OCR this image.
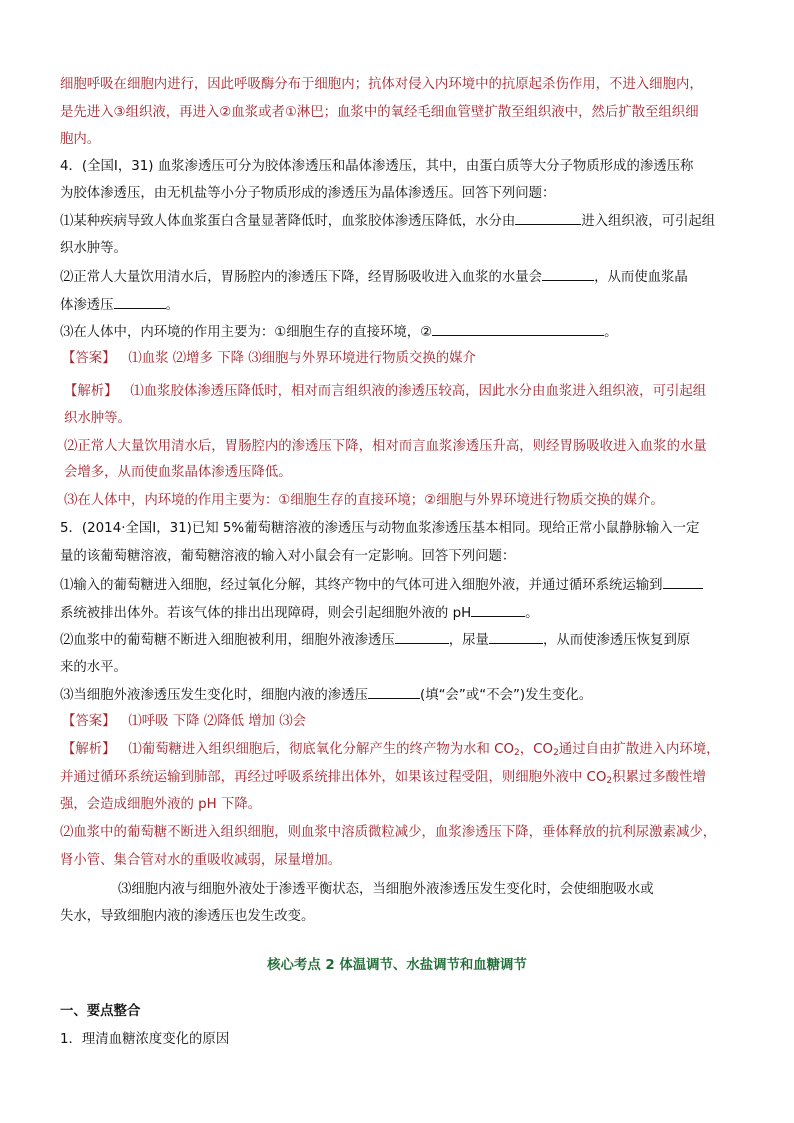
细胞呼吸在细胞内进行，因此呼吸酶分布于细胞内；抗体对侵入内环境中的抗原起杀伤作用，不进入细胞内，
是先进入③组织液，再进入②血浆或者①淋巴；血浆中的氧经毛细血管壁扩散至组织液中，然后扩散至组织细
胞内。
4．(全国Ⅰ，31) 血浆渗透压可分为胶体渗透压和晶体渗透压，其中，由蛋白质等大分子物质形成的渗透压称
为胶体渗透压，由无机盐等小分子物质形成的渗透压为晶体渗透压。回答下列问题：
⑴某种疾病导致人体血浆蛋白含量显著降低时，血浆胶体渗透压降低，水分由	进入组织液，可引起组
织水肿等。
⑵正常人大量饮用清水后，胃肠腔内的渗透压下降，经胃肠吸收进入血浆的水量会	，从而使血浆晶
体渗透压	。
⑶在人体中，内环境的作用主要为：①细胞生存的直接环境，②	。
【答案】 ⑴血浆 ⑵增多 下降 ⑶细胞与外界环境进行物质交换的媒介
【解析】 ⑴血浆胶体渗透压降低时，相对而言组织液的渗透压较高，因此水分由血浆进入组织液，可引起组
织水肿等。
⑵正常人大量饮用清水后，胃肠腔内的渗透压下降，相对而言血浆渗透压升高，则经胃肠吸收进入血浆的水量
会增多，从而使血浆晶体渗透压降低。
⑶在人体中，内环境的作用主要为：①细胞生存的直接环境；②细胞与外界环境进行物质交换的媒介。
5．(2014·全国Ⅰ，31)已知 5%葡萄糖溶液的渗透压与动物血浆渗透压基本相同。现给正常小鼠静脉输入一定
量的该葡萄糖溶液，葡萄糖溶液的输入对小鼠会有一定影响。回答下列问题：
⑴输入的葡萄糖进入细胞，经过氧化分解，其终产物中的气体可进入细胞外液，并通过循环系统运输到
系统被排出体外。若该气体的排出出现障碍，则会引起细胞外液的 pH	。
⑵血浆中的葡萄糖不断进入细胞被利用，细胞外液渗透压	，尿量	，从而使渗透压恢复到原
来的水平。
⑶当细胞外液渗透压发生变化时，细胞内液的渗透压	(填“会”或“不会”)发生变化。
【答案】 ⑴呼吸 下降 ⑵降低 增加 ⑶会
【解析】 ⑴葡萄糖进入组织细胞后，彻底氧化分解产生的终产物为水和 $CO_2$，$CO_2$通过自由扩散进入内环境，
并通过循环系统运输到肺部，再经过呼吸系统排出体外，如果该过程受阻，则细胞外液中 $CO_2$积累过多酸性增
强，会造成细胞外液的 pH 下降。
⑵血浆中的葡萄糖不断进入组织细胞，则血浆中溶质微粒减少，血浆渗透压下降，垂体释放的抗利尿激素减少，
肾小管、集合管对水的重吸收减弱，尿量增加。
⑶细胞内液与细胞外液处于渗透平衡状态，当细胞外液渗透压发生变化时，会使细胞吸水或
失水，导致细胞内液的渗透压也发生改变。
核心考点 2 体温调节、水盐调节和血糖调节
一、要点整合
1．理清血糖浓度变化的原因
